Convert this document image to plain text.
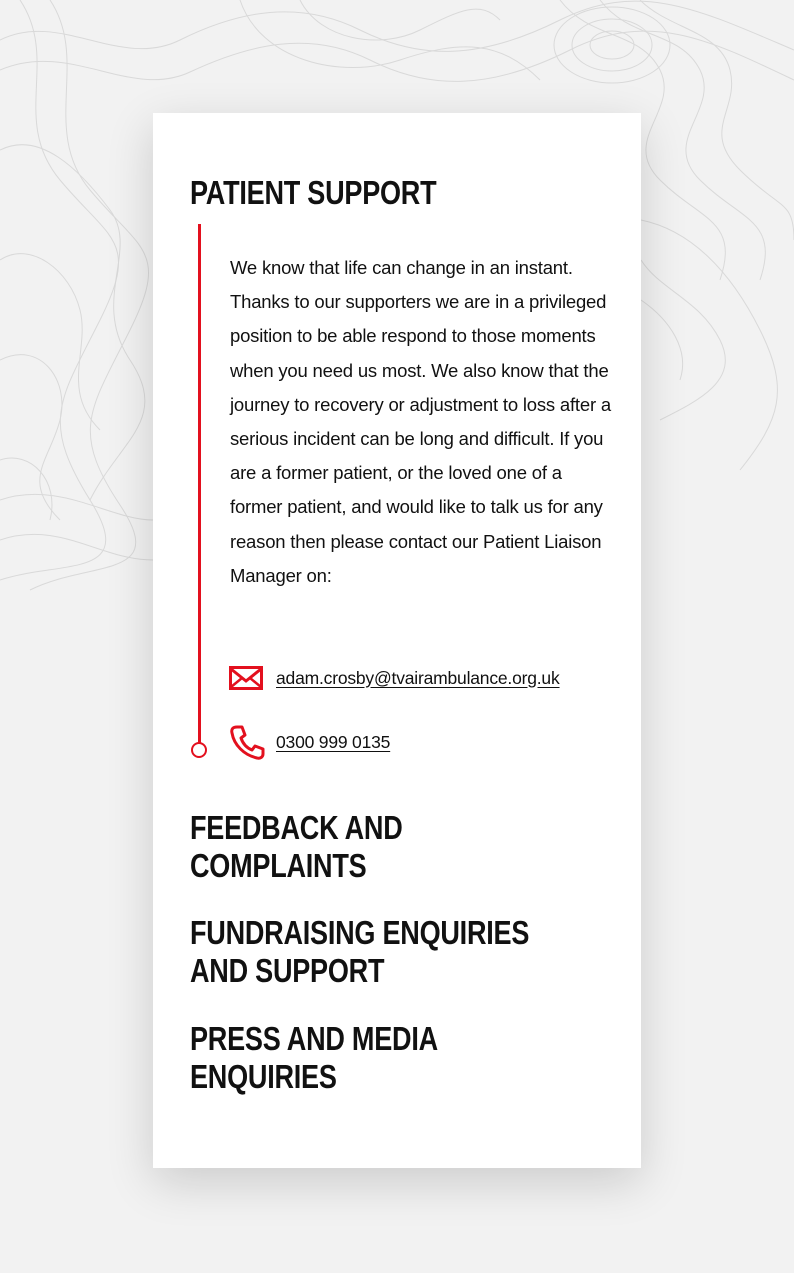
PATIENT SUPPORT

We know that life can change in an instant. Thanks to our supporters we are in a privileged position to be able respond to those moments when you need us most. We also know that the journey to recovery or adjustment to loss after a serious incident can be long and difficult. If you are a former patient, or the loved one of a former patient, and would like to talk us for any reason then please contact our Patient Liaison Manager on:

adam.crosby@tvairambulance.org.uk
0300 999 0135
FEEDBACK AND
COMPLAINTS
FUNDRAISING ENQUIRIES
AND SUPPORT
PRESS AND MEDIA
ENQUIRIES
